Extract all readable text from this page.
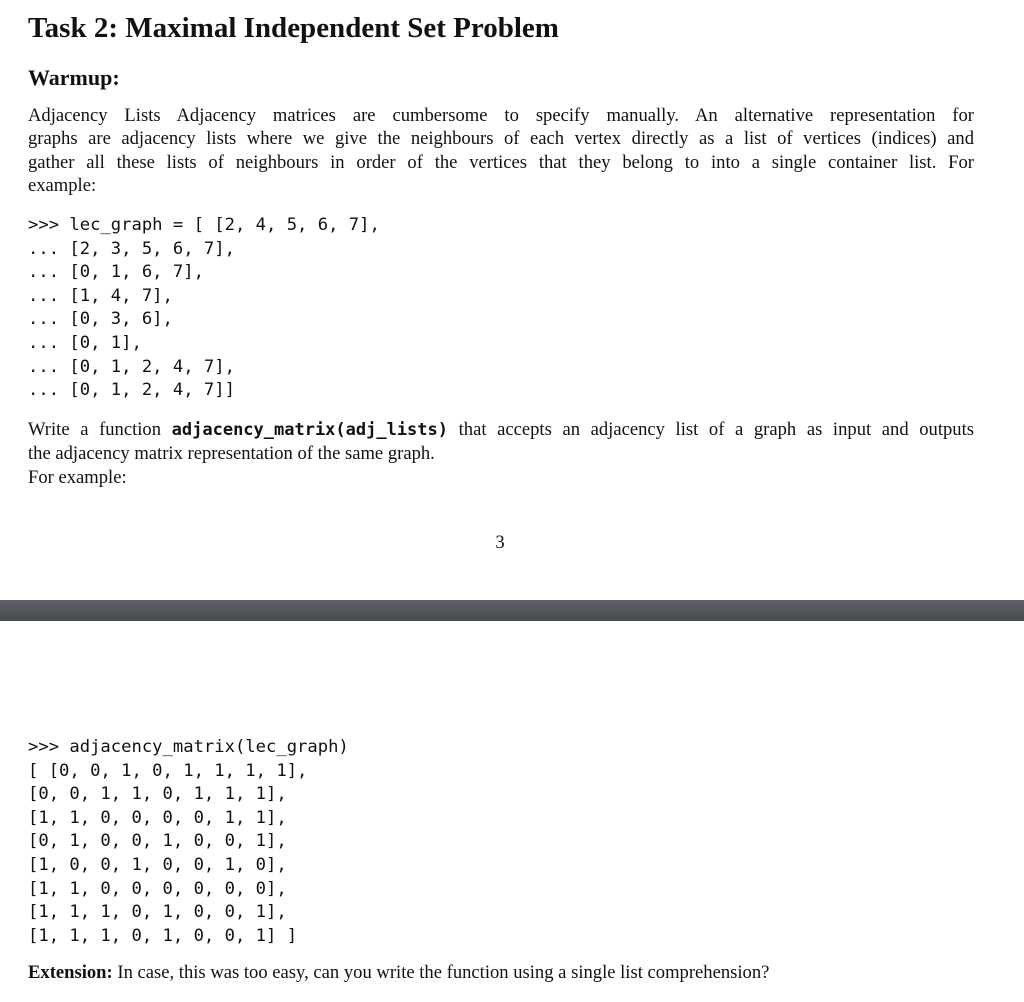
Task 2: Maximal Independent Set Problem
Warmup:
Adjacency Lists Adjacency matrices are cumbersome to specify manually. An alternative representation for
graphs are adjacency lists where we give the neighbours of each vertex directly as a list of vertices (indices) and
gather all these lists of neighbours in order of the vertices that they belong to into a single container list. For
example:
>>> lec_graph = [ [2, 4, 5, 6, 7],
... [2, 3, 5, 6, 7],
... [0, 1, 6, 7],
... [1, 4, 7],
... [0, 3, 6],
... [0, 1],
... [0, 1, 2, 4, 7],
... [0, 1, 2, 4, 7]]
Write a function adjacency_matrix(adj_lists) that accepts an adjacency list of a graph as input and outputs
the adjacency matrix representation of the same graph.
For example:

3

>>> adjacency_matrix(lec_graph)
[ [0, 0, 1, 0, 1, 1, 1, 1],
[0, 0, 1, 1, 0, 1, 1, 1],
[1, 1, 0, 0, 0, 0, 1, 1],
[0, 1, 0, 0, 1, 0, 0, 1],
[1, 0, 0, 1, 0, 0, 1, 0],
[1, 1, 0, 0, 0, 0, 0, 0],
[1, 1, 1, 0, 1, 0, 0, 1],
[1, 1, 1, 0, 1, 0, 0, 1] ]

Extension: In case, this was too easy, can you write the function using a single list comprehension?
